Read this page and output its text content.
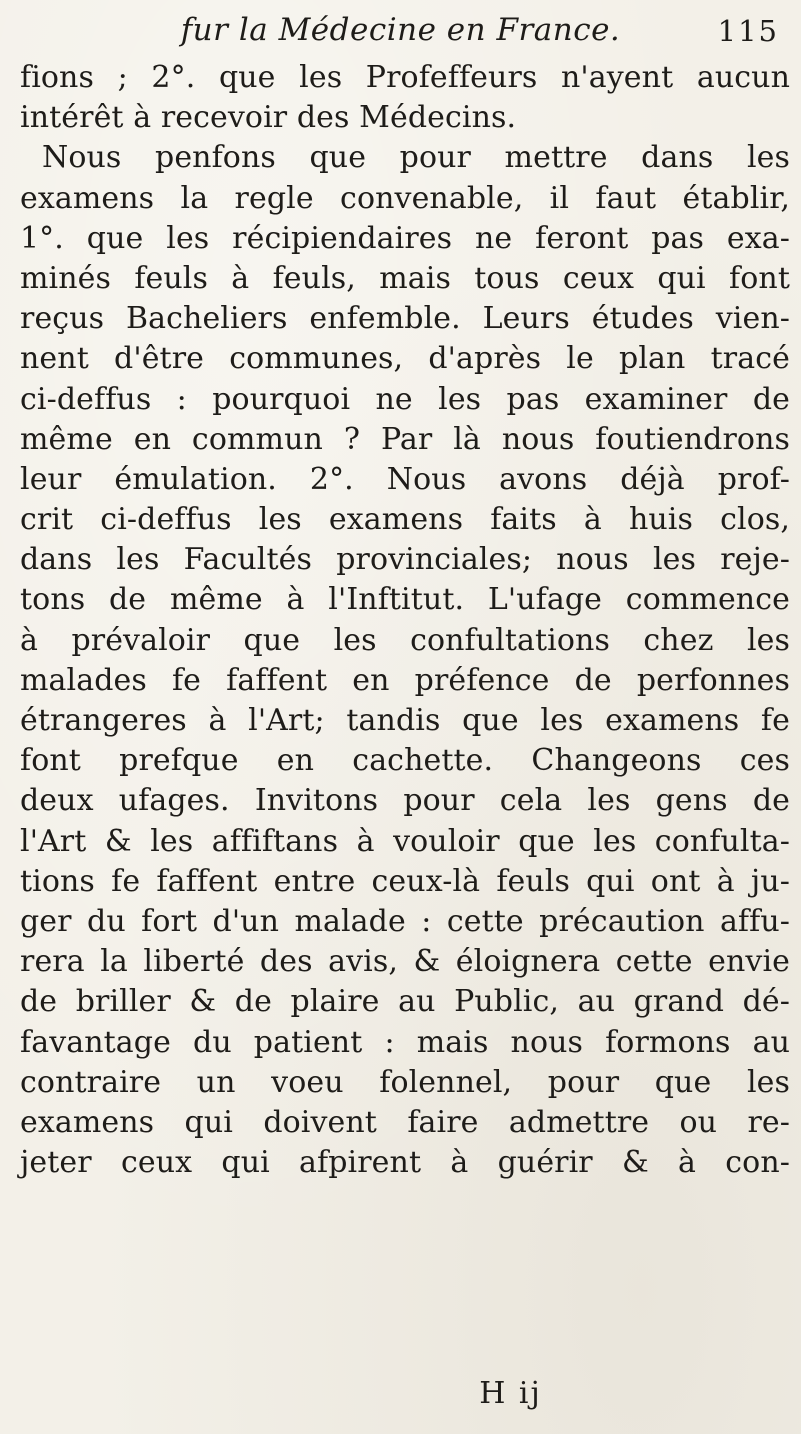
fur la Médecine en France.	115
fions ; 2°. que les Profeffeurs n'ayent aucun
intérêt à recevoir des Médecins.
Nous penfons que pour mettre dans les
examens la regle convenable, il faut établir,
1°. que les récipiendaires ne feront pas exa-
minés feuls à feuls, mais tous ceux qui font
reçus Bacheliers enfemble. Leurs études vien-
nent d'être communes, d'après le plan tracé
ci-deffus : pourquoi ne les pas examiner de
même en commun ? Par là nous foutiendrons
leur émulation. 2°. Nous avons déjà prof-
crit ci-deffus les examens faits à huis clos,
dans les Facultés provinciales; nous les reje-
tons de même à l'Inftitut. L'ufage commence
à prévaloir que les confultations chez les
malades fe faffent en préfence de perfonnes
étrangeres à l'Art; tandis que les examens fe
font prefque en cachette. Changeons ces
deux ufages. Invitons pour cela les gens de
l'Art & les affiftans à vouloir que les confulta-
tions fe faffent entre ceux-là feuls qui ont à ju-
ger du fort d'un malade : cette précaution affu-
rera la liberté des avis, & éloignera cette envie
de briller & de plaire au Public, au grand dé-
favantage du patient : mais nous formons au
contraire un voeu folennel, pour que les
examens qui doivent faire admettre ou re-
jeter ceux qui afpirent à guérir & à con-
H ij
